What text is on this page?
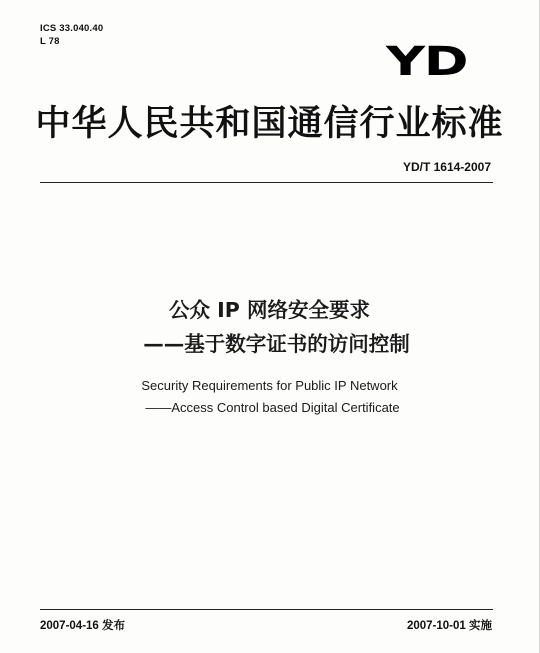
ICS 33.040.40
L 78	YD
中华人民共和国通信行业标准
YD/T 1614-2007
公众 IP 网络安全要求
——基于数字证书的访问控制
Security Requirements for Public IP Network
——Access Control based Digital Certificate
2007-04-16 发布	2007-10-01 实施
